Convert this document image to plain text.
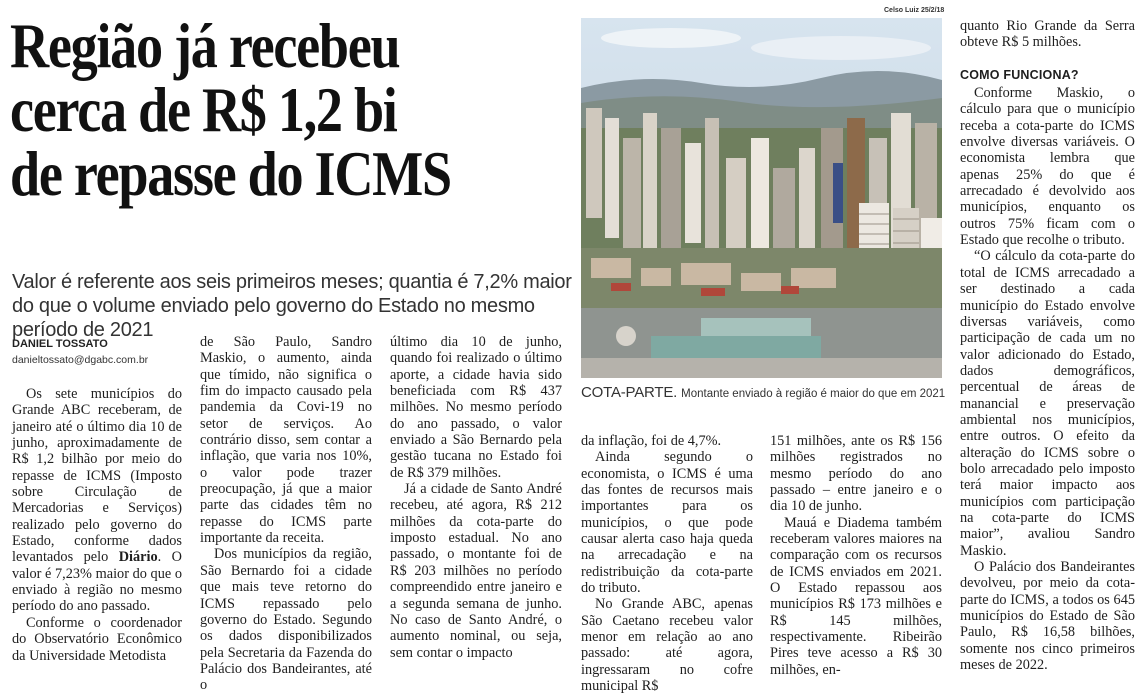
Região já recebeu
cerca de R$ 1,2 bi
de repasse do ICMS
Valor é referente aos seis primeiros meses; quantia é 7,2% maior do que o volume enviado pelo governo do Estado no mesmo período de 2021
DANIEL TOSSATO
danieltossato@dgabc.com.br

Os sete municípios do Grande ABC receberam, de janeiro até o último dia 10 de junho, aproximadamente de R$ 1,2 bilhão por meio do repasse de ICMS (Imposto sobre Circulação de Mercadorias e Serviços) realizado pelo governo do Estado, conforme dados levantados pelo Diário. O valor é 7,23% maior do que o enviado à região no mesmo período do ano passado.

Conforme o coordenador do Observatório Econômico da Universidade Metodista

de São Paulo, Sandro Maskio, o aumento, ainda que tímido, não significa o fim do impacto causado pela pandemia da Covi-19 no setor de serviços. Ao contrário disso, sem contar a inflação, que varia nos 10%, o valor pode trazer preocupação, já que a maior parte das cidades têm no repasse do ICMS parte importante da receita.

Dos municípios da região, São Bernardo foi a cidade que mais teve retorno do ICMS repassado pelo governo do Estado. Segundo os dados disponibilizados pela Secretaria da Fazenda do Palácio dos Bandeirantes, até o

último dia 10 de junho, quando foi realizado o último aporte, a cidade havia sido beneficiada com R$ 437 milhões. No mesmo período do ano passado, o valor enviado a São Bernardo pela gestão tucana no Estado foi de R$ 379 milhões.

Já a cidade de Santo André recebeu, até agora, R$ 212 milhões da cota-parte do imposto estadual. No ano passado, o montante foi de R$ 203 milhões no período compreendido entre janeiro e a segunda semana de junho. No caso de Santo André, o aumento nominal, ou seja, sem contar o impacto

Celso Luiz 25/2/18
COTA-PARTE. Montante enviado à região é maior do que em 2021

da inflação, foi de 4,7%.

Ainda segundo o economista, o ICMS é uma das fontes de recursos mais importantes para os municípios, o que pode causar alerta caso haja queda na arrecadação e na redistribuição da cota-parte do tributo.

No Grande ABC, apenas São Caetano recebeu valor menor em relação ao ano passado: até agora, ingressaram no cofre municipal R$

151 milhões, ante os R$ 156 milhões registrados no mesmo período do ano passado – entre janeiro e o dia 10 de junho.

Mauá e Diadema também receberam valores maiores na comparação com os recursos de ICMS enviados em 2021. O Estado repassou aos municípios R$ 173 milhões e R$ 145 milhões, respectivamente. Ribeirão Pires teve acesso a R$ 30 milhões, en-

quanto Rio Grande da Serra obteve R$ 5 milhões.

COMO FUNCIONA?

Conforme Maskio, o cálculo para que o município receba a cota-parte do ICMS envolve diversas variáveis. O economista lembra que apenas 25% do que é arrecadado é devolvido aos municípios, enquanto os outros 75% ficam com o Estado que recolhe o tributo.

“O cálculo da cota-parte do total de ICMS arrecadado a ser destinado a cada município do Estado envolve diversas variáveis, como participação de cada um no valor adicionado do Estado, dados demográficos, percentual de áreas de manancial e preservação ambiental nos municípios, entre outros. O efeito da alteração do ICMS sobre o bolo arrecadado pelo imposto terá maior impacto aos municípios com participação na cota-parte do ICMS maior”, avaliou Sandro Maskio.

O Palácio dos Bandeirantes devolveu, por meio da cota-parte do ICMS, a todos os 645 municípios do Estado de São Paulo, R$ 16,58 bilhões, somente nos cinco primeiros meses de 2022.
